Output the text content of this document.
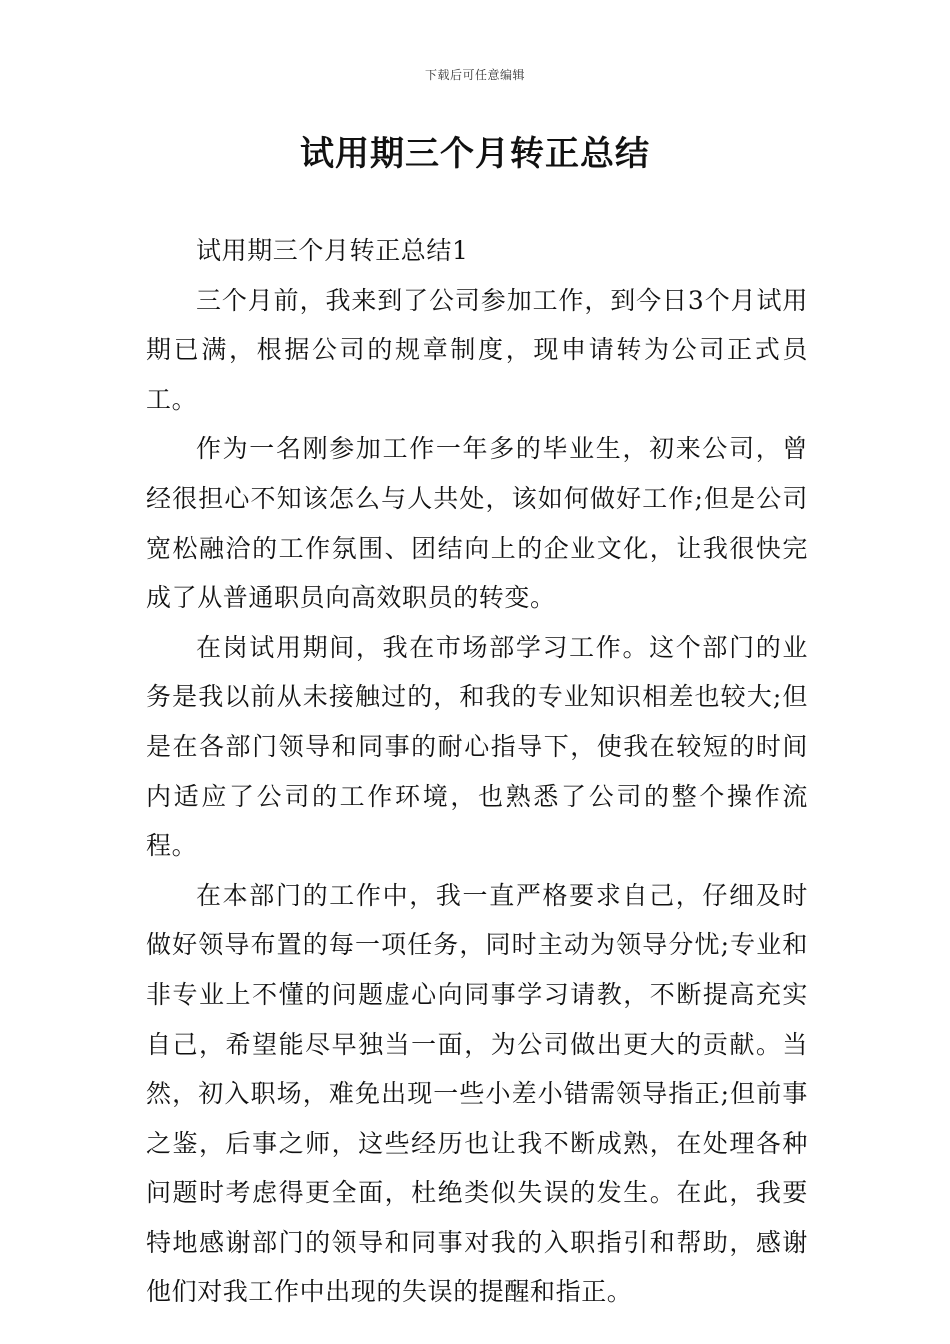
下载后可任意编辑
试用期三个月转正总结

试用期三个月转正总结1

三个月前，我来到了公司参加工作，到今日3个月试用期已满，根据公司的规章制度，现申请转为公司正式员工。

作为一名刚参加工作一年多的毕业生，初来公司，曾经很担心不知该怎么与人共处，该如何做好工作;但是公司宽松融洽的工作氛围、团结向上的企业文化，让我很快完成了从普通职员向高效职员的转变。

在岗试用期间，我在市场部学习工作。这个部门的业务是我以前从未接触过的，和我的专业知识相差也较大;但是在各部门领导和同事的耐心指导下，使我在较短的时间内适应了公司的工作环境，也熟悉了公司的整个操作流程。

在本部门的工作中，我一直严格要求自己，仔细及时做好领导布置的每一项任务，同时主动为领导分忧;专业和非专业上不懂的问题虚心向同事学习请教，不断提高充实自己，希望能尽早独当一面，为公司做出更大的贡献。当然，初入职场，难免出现一些小差小错需领导指正;但前事之鉴，后事之师，这些经历也让我不断成熟，在处理各种问题时考虑得更全面，杜绝类似失误的发生。在此，我要特地感谢部门的领导和同事对我的入职指引和帮助，感谢他们对我工作中出现的失误的提醒和指正。
